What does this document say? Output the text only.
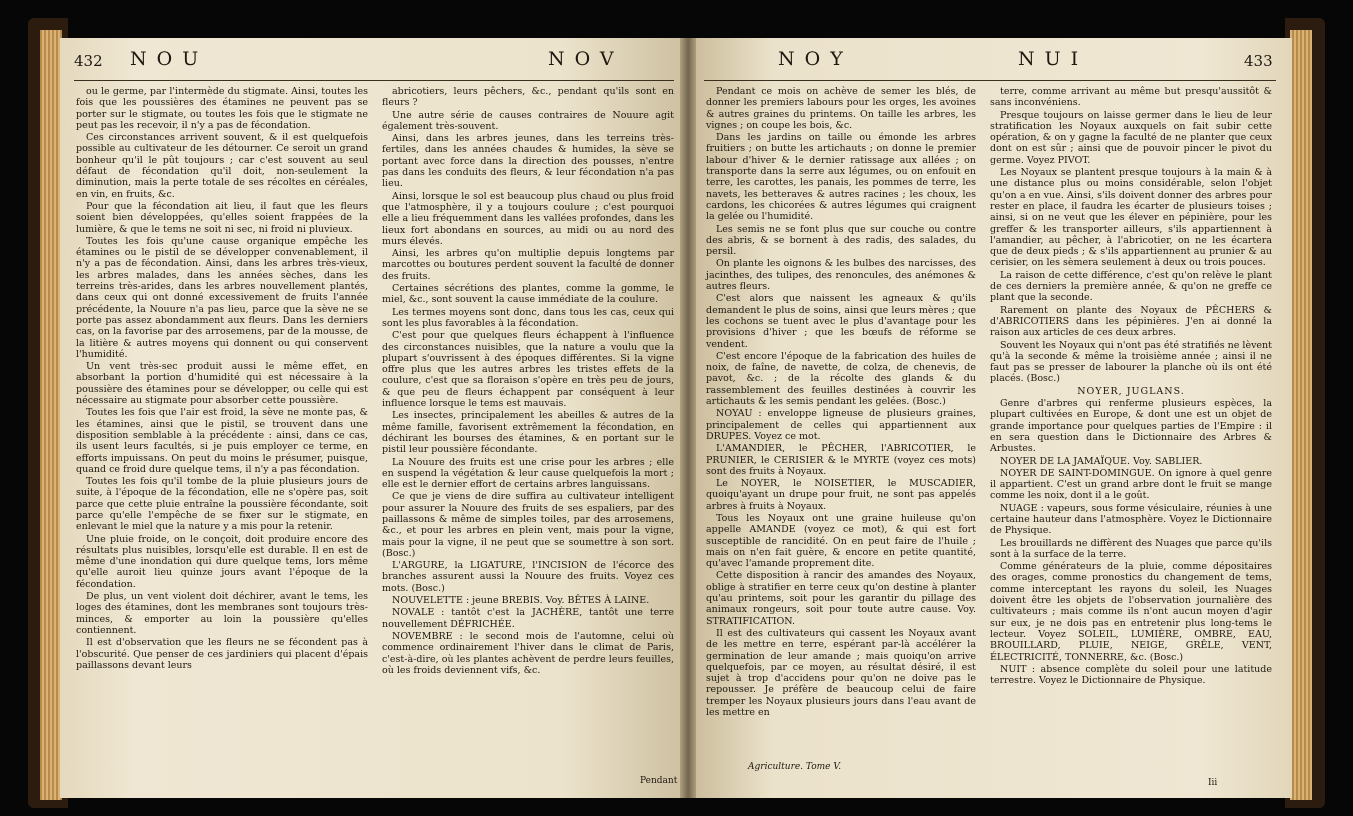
432 NOU	NOV

ou le germe, par l'intermède du stigmate. Ainsi, toutes les fois que les poussières des étamines ne peuvent pas se porter sur le stigmate, ou toutes les fois que le stigmate ne peut pas les recevoir, il n'y a pas de fécondation.

Ces circonstances arrivent souvent, & il est quelquefois possible au cultivateur de les détourner. Ce seroit un grand bonheur qu'il le pût toujours ; car c'est souvent au seul défaut de fécondation qu'il doit, non-seulement la diminution, mais la perte totale de ses récoltes en céréales, en vin, en fruits, &c.

Pour que la fécondation ait lieu, il faut que les fleurs soient bien développées, qu'elles soient frappées de la lumière, & que le tems ne soit ni sec, ni froid ni pluvieux.

Toutes les fois qu'une cause organique empêche les étamines ou le pistil de se développer convenablement, il n'y a pas de fécondation. Ainsi, dans les arbres très-vieux, les arbres malades, dans les années sèches, dans les terreins très-arides, dans les arbres nouvellement plantés, dans ceux qui ont donné excessivement de fruits l'année précédente, la Nouure n'a pas lieu, parce que la sève ne se porte pas assez abondamment aux fleurs. Dans les derniers cas, on la favorise par des arrosemens, par de la mousse, de la litière & autres moyens qui donnent ou qui conservent l'humidité.

Un vent très-sec produit aussi le même effet, en absorbant la portion d'humidité qui est nécessaire à la poussière des étamines pour se développer, ou celle qui est nécessaire au stigmate pour absorber cette poussière.

Toutes les fois que l'air est froid, la sève ne monte pas, & les étamines, ainsi que le pistil, se trouvent dans une disposition semblable à la précédente : ainsi, dans ce cas, ils usent leurs facultés, si je puis employer ce terme, en efforts impuissans. On peut du moins le présumer, puisque, quand ce froid dure quelque tems, il n'y a pas fécondation.

Toutes les fois qu'il tombe de la pluie plusieurs jours de suite, à l'époque de la fécondation, elle ne s'opère pas, soit parce que cette pluie entraîne la poussière fécondante, soit parce qu'elle l'empêche de se fixer sur le stigmate, en enlevant le miel que la nature y a mis pour la retenir.

Une pluie froide, on le conçoit, doit produire encore des résultats plus nuisibles, lorsqu'elle est durable. Il en est de même d'une inondation qui dure quelque tems, lors même qu'elle auroit lieu quinze jours avant l'époque de la fécondation.

De plus, un vent violent doit déchirer, avant le tems, les loges des étamines, dont les membranes sont toujours très-minces, & emporter au loin la poussière qu'elles contiennent.

Il est d'observation que les fleurs ne se fécondent pas à l'obscurité. Que penser de ces jardiniers qui placent d'épais paillassons devant leurs

abricotiers, leurs pêchers, &c., pendant qu'ils sont en fleurs ?

Une autre série de causes contraires de Nouure agit également très-souvent.

Ainsi, dans les arbres jeunes, dans les terreins très-fertiles, dans les années chaudes & humides, la sève se portant avec force dans la direction des pousses, n'entre pas dans les conduits des fleurs, & leur fécondation n'a pas lieu.

Ainsi, lorsque le sol est beaucoup plus chaud ou plus froid que l'atmosphère, il y a toujours coulure ; c'est pourquoi elle a lieu fréquemment dans les vallées profondes, dans les lieux fort abondans en sources, au midi ou au nord des murs élevés.

Ainsi, les arbres qu'on multiplie depuis longtems par marcottes ou boutures perdent souvent la faculté de donner des fruits.

Certaines sécrétions des plantes, comme la gomme, le miel, &c., sont souvent la cause immédiate de la coulure.

Les termes moyens sont donc, dans tous les cas, ceux qui sont les plus favorables à la fécondation.

C'est pour que quelques fleurs échappent à l'influence des circonstances nuisibles, que la nature a voulu que la plupart s'ouvrissent à des époques différentes. Si la vigne offre plus que les autres arbres les tristes effets de la coulure, c'est que sa floraison s'opère en très peu de jours, & que peu de fleurs échappent par conséquent à leur influence lorsque le tems est mauvais.

Les insectes, principalement les abeilles & autres de la même famille, favorisent extrêmement la fécondation, en déchirant les bourses des étamines, & en portant sur le pistil leur poussière fécondante.

La Nouure des fruits est une crise pour les arbres ; elle en suspend la végétation & leur cause quelquefois la mort ; elle est le dernier effort de certains arbres languissans.

Ce que je viens de dire suffira au cultivateur intelligent pour assurer la Nouure des fruits de ses espaliers, par des paillassons & même de simples toiles, par des arrosemens, &c., et pour les arbres en plein vent, mais pour la vigne, mais pour la vigne, il ne peut que se soumettre à son sort. (Bosc.)

L'ARGURE, la LIGATURE, l'INCISION de l'écorce des branches assurent aussi la Nouure des fruits. Voyez ces mots. (Bosc.)

NOUVELETTE : jeune BREBIS. Voy. BÊTES À LAINE.

NOVALE : tantôt c'est la JACHÈRE, tantôt une terre nouvellement DÉFRICHÉE.

NOVEMBRE : le second mois de l'automne, celui où commence ordinairement l'hiver dans le climat de Paris, c'est-à-dire, où les plantes achèvent de perdre leurs feuilles, où les froids deviennent vifs, &c.

Pendant
NOY	NUI	433

Pendant ce mois on achève de semer les blés, de donner les premiers labours pour les orges, les avoines & autres graines du printems. On taille les arbres, les vignes ; on coupe les bois, &c.

Dans les jardins on taille ou émonde les arbres fruitiers ; on butte les artichauts ; on donne le premier labour d'hiver & le dernier ratissage aux allées ; on transporte dans la serre aux légumes, ou on enfouit en terre, les carottes, les panais, les pommes de terre, les navets, les betteraves & autres racines ; les choux, les cardons, les chicorées & autres légumes qui craignent la gelée ou l'humidité.

Les semis ne se font plus que sur couche ou contre des abris, & se bornent à des radis, des salades, du persil.

On plante les oignons & les bulbes des narcisses, des jacinthes, des tulipes, des renoncules, des anémones & autres fleurs.

C'est alors que naissent les agneaux & qu'ils demandent le plus de soins, ainsi que leurs mères ; que les cochons se tuent avec le plus d'avantage pour les provisions d'hiver ; que les bœufs de réforme se vendent.

C'est encore l'époque de la fabrication des huiles de noix, de faîne, de navette, de colza, de chenevis, de pavot, &c. ; de la récolte des glands & du rassemblement des feuilles destinées à couvrir les artichauts & les semis pendant les gelées. (Bosc.)

NOYAU : enveloppe ligneuse de plusieurs graines, principalement de celles qui appartiennent aux DRUPES. Voyez ce mot.

L'AMANDIER, le PÊCHER, l'ABRICOTIER, le PRUNIER, le CERISIER & le MYRTE (voyez ces mots) sont des fruits à Noyaux.

Le NOYER, le NOISETIER, le MUSCADIER, quoiqu'ayant un drupe pour fruit, ne sont pas appelés arbres à fruits à Noyaux.

Tous les Noyaux ont une graine huileuse qu'on appelle AMANDE (voyez ce mot), & qui est fort susceptible de rancidité. On en peut faire de l'huile ; mais on n'en fait guère, & encore en petite quantité, qu'avec l'amande proprement dite.

Cette disposition à rancir des amandes des Noyaux, oblige à stratifier en terre ceux qu'on destine à planter qu'au printems, soit pour les garantir du pillage des animaux rongeurs, soit pour toute autre cause. Voy. STRATIFICATION.

Il est des cultivateurs qui cassent les Noyaux avant de les mettre en terre, espérant par-là accélérer la germination de leur amande ; mais quoiqu'on arrive quelquefois, par ce moyen, au résultat désiré, il est sujet à trop d'accidens pour qu'on ne doive pas le repousser. Je préfère de beaucoup celui de faire tremper les Noyaux plusieurs jours dans l'eau avant de les mettre en

Agriculture. Tome V.

terre, comme arrivant au même but presqu'aussitôt & sans inconvéniens.

Presque toujours on laisse germer dans le lieu de leur stratification les Noyaux auxquels on fait subir cette opération, & on y gagne la faculté de ne planter que ceux dont on est sûr ; ainsi que de pouvoir pincer le pivot du germe. Voyez PIVOT.

Les Noyaux se plantent presque toujours à la main & à une distance plus ou moins considérable, selon l'objet qu'on a en vue. Ainsi, s'ils doivent donner des arbres pour rester en place, il faudra les écarter de plusieurs toises ; ainsi, si on ne veut que les élever en pépinière, pour les greffer & les transporter ailleurs, s'ils appartiennent à l'amandier, au pêcher, à l'abricotier, on ne les écartera que de deux pieds ; & s'ils appartiennent au prunier & au cerisier, on les sèmera seulement à deux ou trois pouces.

La raison de cette différence, c'est qu'on relève le plant de ces derniers la première année, & qu'on ne greffe ce plant que la seconde.

Rarement on plante des Noyaux de PÊCHERS & d'ABRICOTIERS dans les pépinières. J'en ai donné la raison aux articles de ces deux arbres.

Souvent les Noyaux qui n'ont pas été stratifiés ne lèvent qu'à la seconde & même la troisième année ; ainsi il ne faut pas se presser de labourer la planche où ils ont été placés. (Bosc.)

NOYER, JUGLANS.

Genre d'arbres qui renferme plusieurs espèces, la plupart cultivées en Europe, & dont une est un objet de grande importance pour quelques parties de l'Empire : il en sera question dans le Dictionnaire des Arbres & Arbustes.

NOYER DE LA JAMAÏQUE. Voy. SABLIER.

NOYER DE SAINT-DOMINGUE. On ignore à quel genre il appartient. C'est un grand arbre dont le fruit se mange comme les noix, dont il a le goût.

NUAGE : vapeurs, sous forme vésiculaire, réunies à une certaine hauteur dans l'atmosphère. Voyez le Dictionnaire de Physique.

Les brouillards ne diffèrent des Nuages que parce qu'ils sont à la surface de la terre.

Comme générateurs de la pluie, comme dépositaires des orages, comme pronostics du changement de tems, comme interceptant les rayons du soleil, les Nuages doivent être les objets de l'observation journalière des cultivateurs ; mais comme ils n'ont aucun moyen d'agir sur eux, je ne dois pas en entretenir plus long-tems le lecteur. Voyez SOLEIL, LUMIÈRE, OMBRE, EAU, BROUILLARD, PLUIE, NEIGE, GRÊLE, VENT, ÉLECTRICITÉ, TONNERRE, &c. (Bosc.)

NUIT : absence complète du soleil pour une latitude terrestre. Voyez le Dictionnaire de Physique.

Iii
